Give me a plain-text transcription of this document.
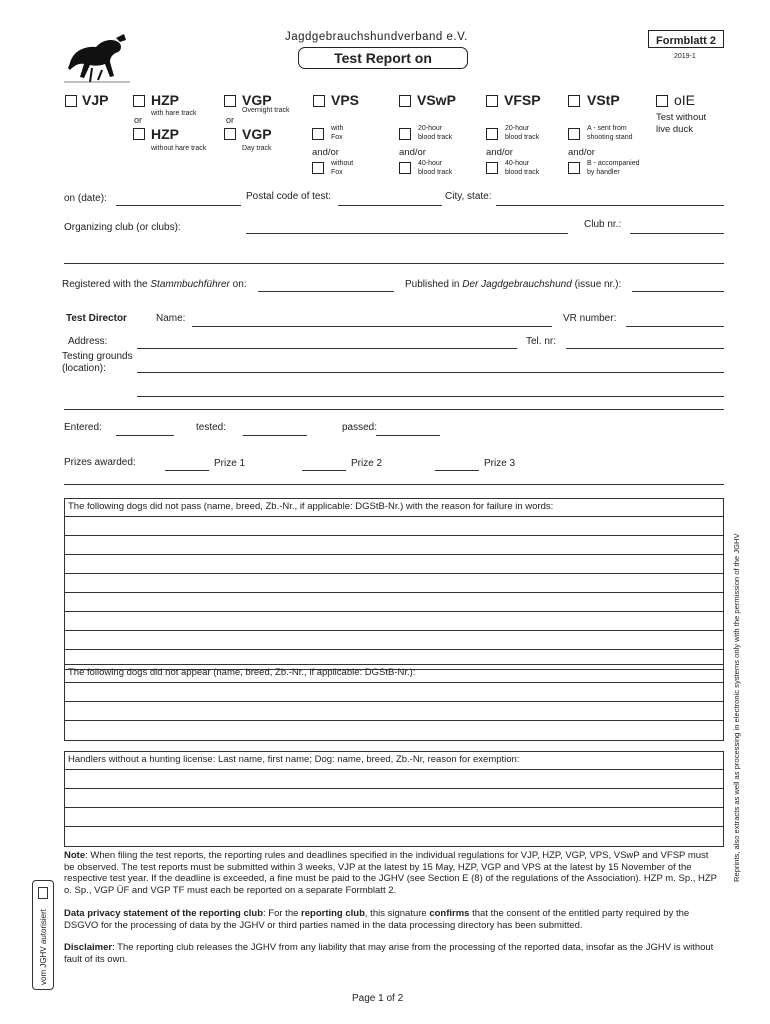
Jagdgebrauchshundverband e.V.
Test Report on
Formblatt 2
2019-1
VJP	HZP
with hare track
or
HZP
without hare track
VGP
Overnight track
or
VGP
Day track
VPS
with
Fox
and/or
without
Fox
VSwP
20-hour
blood track
and/or
40-hour
blood track
VFSP
20-hour
blood track
and/or
40-hour
blood track
VStP
A - sent from
shooting stand
and/or
B - accompanied
by handler
oIE
Test without
live duck
on (date):	Postal code of test:	City, state:
Organizing club (or clubs):	Club nr.:
Registered with the Stammbuchführer on:	Published in Der Jagdgebrauchshund (issue nr.):
Test Director	Name:	VR number:
Address:	Tel. nr:
Testing grounds
(location):
Entered:	tested:	passed:
Prizes awarded:	Prize 1	Prize 2	Prize 3
The following dogs did not pass (name, breed, Zb.-Nr., if applicable: DGStB-Nr.) with the reason for failure in words:
The following dogs did not appear (name, breed, Zb.-Nr., if applicable: DGStB-Nr.):
Handlers without a hunting license: Last name, first name; Dog: name, breed, Zb.-Nr, reason for exemption:
Note: When filing the test reports, the reporting rules and deadlines specified in the individual regulations for VJP, HZP, VGP, VPS, VSwP and VFSP must be observed. The test reports must be submitted within 3 weeks, VJP at the latest by 15 May, HZP, VGP and VPS at the latest by 15 November of the respective test year. If the deadline is exceeded, a fine must be paid to the JGHV (see Section E (8) of the regulations of the Association). HZP m. Sp., HZP o. Sp., VGP ÜF and VGP TF must each be reported on a separate Formblatt 2.
Data privacy statement of the reporting club: For the reporting club, this signature confirms that the consent of the entitled party required by the DSGVO for the processing of data by the JGHV or third parties named in the data processing directory has been submitted.
Disclaimer: The reporting club releases the JGHV from any liability that may arise from the processing of the reported data, insofar as the JGHV is without fault of its own.
Reprints, also extracts as well as processing in electronic systems only with the permission of the JGHV
vom JGHV autorisiert
Page 1 of 2
